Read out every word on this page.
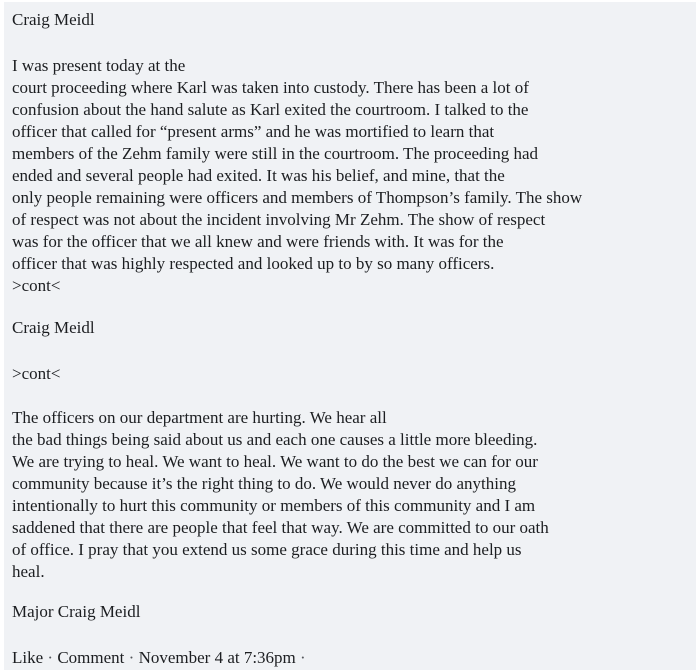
Craig Meidl
I was present today at the
court proceeding where Karl was taken into custody. There has been a lot of
confusion about the hand salute as Karl exited the courtroom. I talked to the
officer that called for “present arms” and he was mortified to learn that
members of the Zehm family were still in the courtroom. The proceeding had
ended and several people had exited. It was his belief, and mine, that the
only people remaining were officers and members of Thompson’s family. The show
of respect was not about the incident involving Mr Zehm. The show of respect
was for the officer that we all knew and were friends with. It was for the
officer that was highly respected and looked up to by so many officers.
>cont<
Craig Meidl
>cont<
The officers on our department are hurting. We hear all
the bad things being said about us and each one causes a little more bleeding.
We are trying to heal. We want to heal. We want to do the best we can for our
community because it’s the right thing to do. We would never do anything
intentionally to hurt this community or members of this community and I am
saddened that there are people that feel that way. We are committed to our oath
of office. I pray that you extend us some grace during this time and help us
heal.
Major Craig Meidl
Like · Comment · November 4 at 7:36pm ·
